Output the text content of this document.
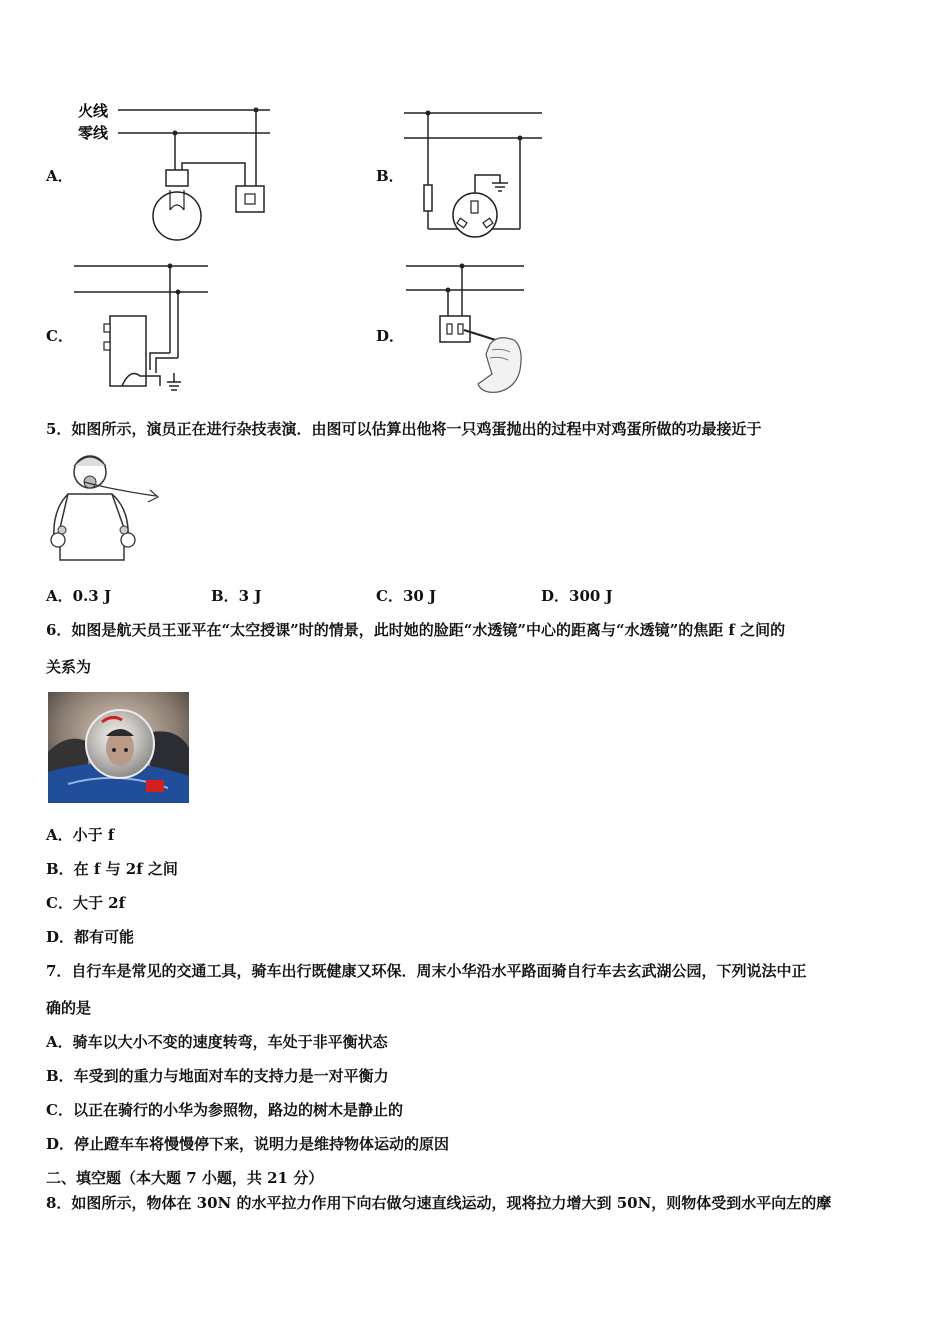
A．
火线
零线
B．
C．	D．
5．如图所示，演员正在进行杂技表演．由图可以估算出他将一只鸡蛋抛出的过程中对鸡蛋所做的功最接近于
A．0.3 J	B．3 J	C．30 J	D．300 J
6．如图是航天员王亚平在“太空授课”时的情景，此时她的脸距“水透镜”中心的距离与“水透镜”的焦距 f 之间的
关系为
A．小于 f
B．在 f 与 2f 之间
C．大于 2f
D．都有可能
7．自行车是常见的交通工具，骑车出行既健康又环保．周末小华沿水平路面骑自行车去玄武湖公园，下列说法中正
确的是
A．骑车以大小不变的速度转弯，车处于非平衡状态
B．车受到的重力与地面对车的支持力是一对平衡力
C．以正在骑行的小华为参照物，路边的树木是静止的
D．停止蹬车车将慢慢停下来，说明力是维持物体运动的原因
二、填空题（本大题 7 小题，共 21 分）
8．如图所示，物体在 30N 的水平拉力作用下向右做匀速直线运动，现将拉力增大到 50N，则物体受到水平向左的摩
